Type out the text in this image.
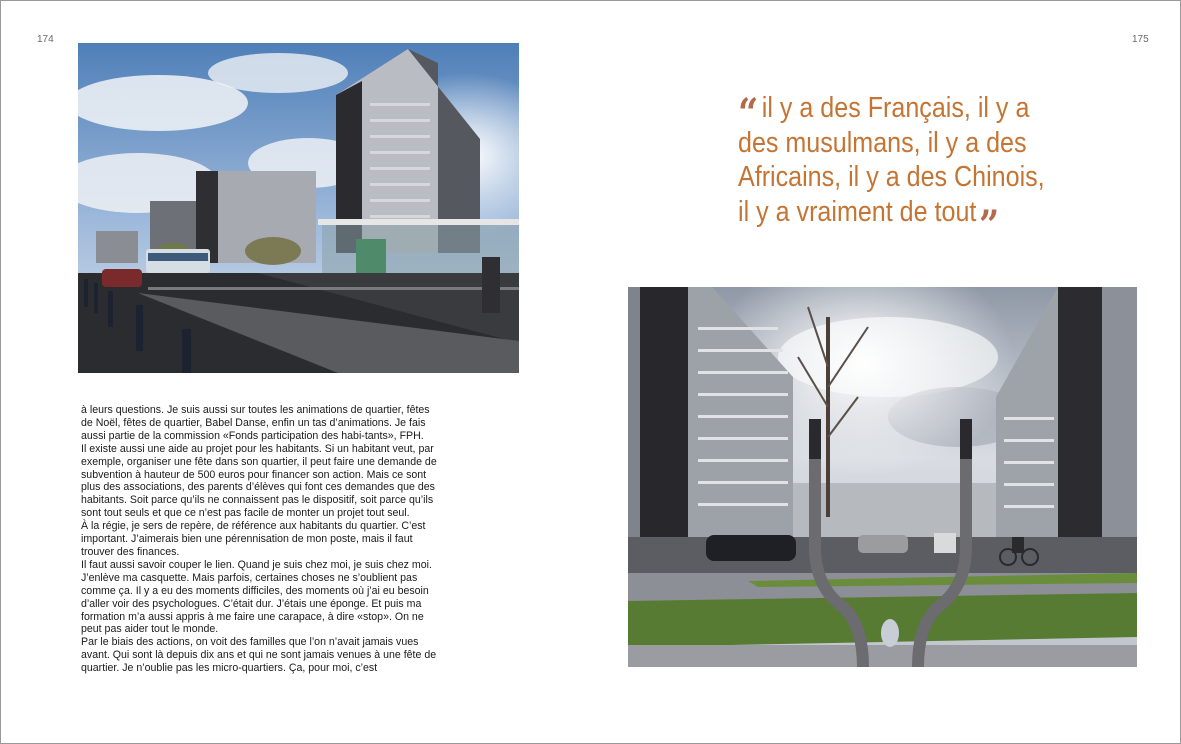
174	175

à leurs questions. Je suis aussi sur toutes les animations de quartier, fêtes de Noël, fêtes de quartier, Babel Danse, enfin un tas d’animations. Je fais aussi partie de la commission «Fonds participation des habi-tants», FPH.

Il existe aussi une aide au projet pour les habitants. Si un habitant veut, par exemple, organiser une fête dans son quartier, il peut faire une demande de subvention à hauteur de 500 euros pour financer son action. Mais ce sont plus des associations, des parents d’élèves qui font ces demandes que des habitants. Soit parce qu’ils ne connaissent pas le dispositif, soit parce qu’ils sont tout seuls et que ce n’est pas facile de monter un projet tout seul.

À la régie, je sers de repère, de référence aux habitants du quartier. C’est important. J’aimerais bien une pérennisation de mon poste, mais il faut trouver des finances.

Il faut aussi savoir couper le lien. Quand je suis chez moi, je suis chez moi. J’enlève ma casquette. Mais parfois, certaines choses ne s’oublient pas comme ça. Il y a eu des moments difficiles, des moments où j’ai eu besoin d’aller voir des psychologues. C’était dur. J’étais une éponge. Et puis ma formation m’a aussi appris à me faire une carapace, à dire «stop». On ne peut pas aider tout le monde.

Par le biais des actions, on voit des familles que l’on n’avait jamais vues avant. Qui sont là depuis dix ans et qui ne sont jamais venues à une fête de quartier. Je n’oublie pas les micro-quartiers. Ça, pour moi, c’est

“ il y a des Français, il y a
des musulmans, il y a des
Africains, il y a des Chinois,
il y a vraiment de tout”
